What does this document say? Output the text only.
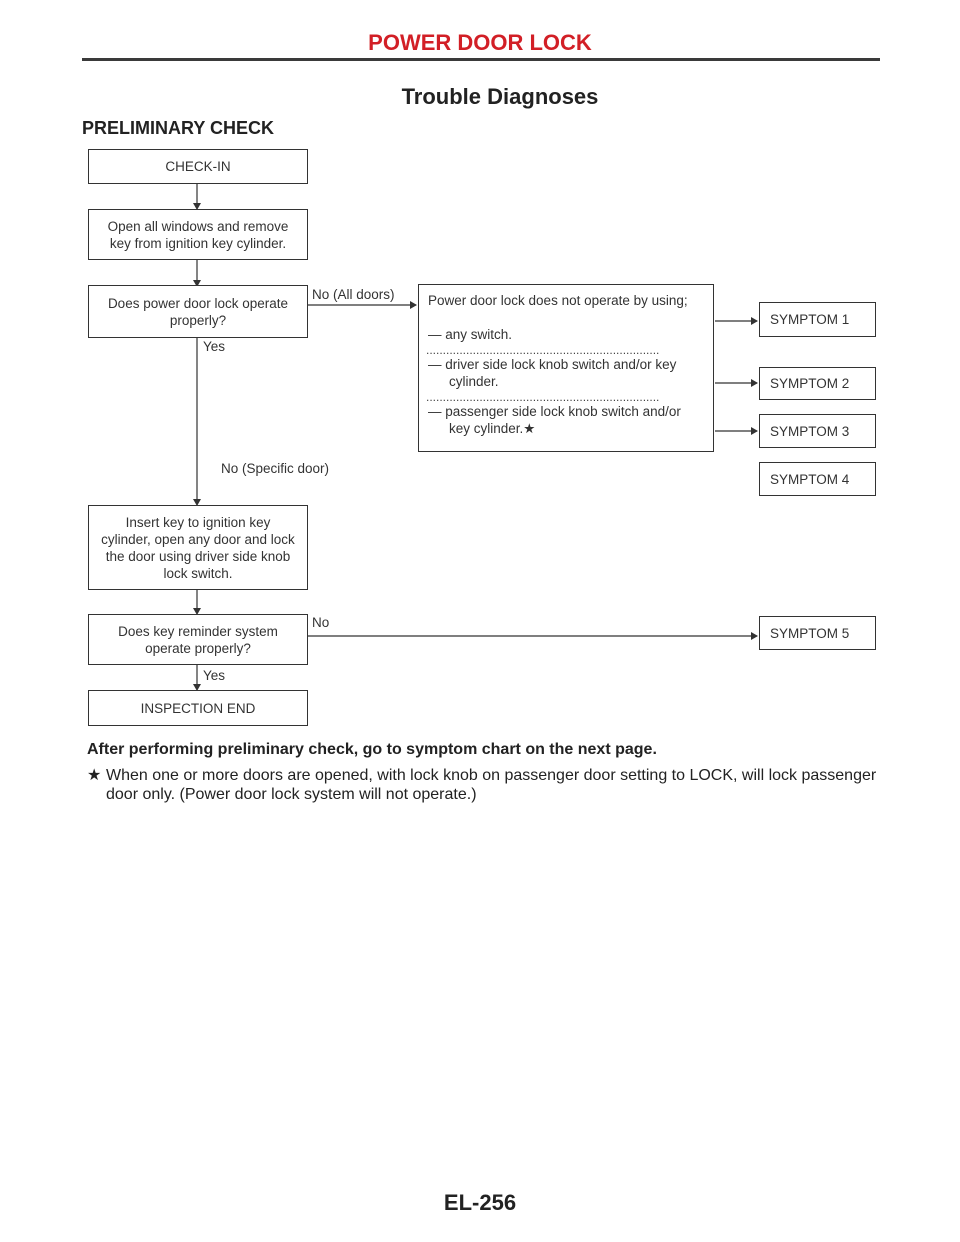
POWER DOOR LOCK
Trouble Diagnoses
PRELIMINARY CHECK
CHECK-IN
Open all windows and remove key from ignition key cylinder.
Does power door lock operate properly?
Yes
No (All doors) Power door lock does not operate by using;
— any switch.
......................................................................
— driver side lock knob switch and/or key
cylinder.
......................................................................
— passenger side lock knob switch and/or
key cylinder.★
SYMPTOM 1
SYMPTOM 2
SYMPTOM 3
SYMPTOM 4
No (Specific door)
Insert key to ignition key cylinder, open any door and lock the door using driver side knob lock switch.
Does key reminder system operate properly?
No
SYMPTOM 5
Yes
INSPECTION END
After performing preliminary check, go to symptom chart on the next page.
★ When one or more doors are opened, with lock knob on passenger door setting to LOCK, will lock passenger door only. (Power door lock system will not operate.)
EL-256
